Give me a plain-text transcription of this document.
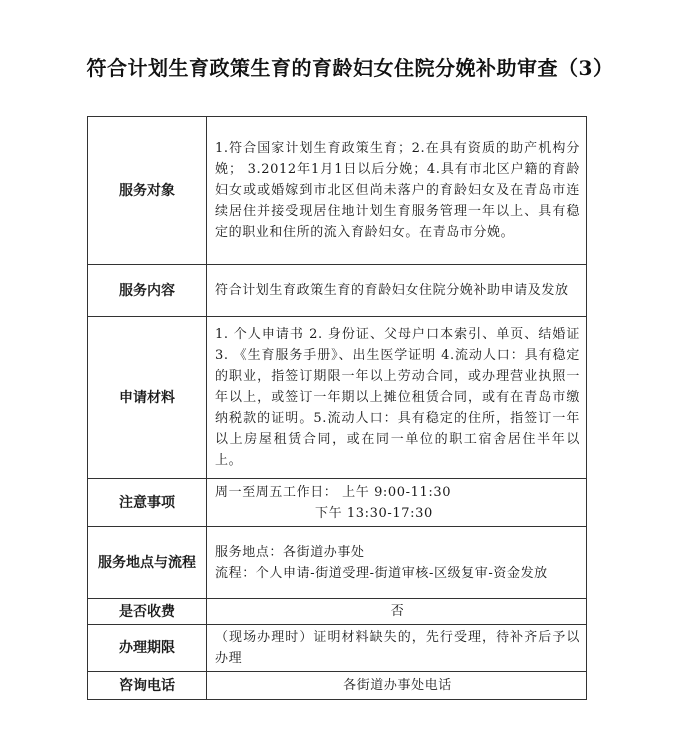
符合计划生育政策生育的育龄妇女住院分娩补助审查（3）
服务对象	1.符合国家计划生育政策生育；2.在具有资质的助产机构分娩； 3.2012年1月1日以后分娩；4.具有市北区户籍的育龄妇女或或婚嫁到市北区但尚未落户的育龄妇女及在青岛市连续居住并接受现居住地计划生育服务管理一年以上、具有稳定的职业和住所的流入育龄妇女。在青岛市分娩。
服务内容	符合计划生育政策生育的育龄妇女住院分娩补助申请及发放
申请材料	1. 个人申请书 2. 身份证、父母户口本索引、单页、结婚证 3. 《生育服务手册》、出生医学证明 4.流动人口：具有稳定的职业，指签订期限一年以上劳动合同，或办理营业执照一年以上，或签订一年期以上摊位租赁合同，或有在青岛市缴纳税款的证明。5.流动人口：具有稳定的住所，指签订一年以上房屋租赁合同，或在同一单位的职工宿舍居住半年以上。
注意事项	周一至周五工作日： 上午 9:00-11:30
下午 13:30-17:30

服务地点与流程	服务地点：各街道办事处
流程：个人申请-街道受理-街道审核-区级复审-资金发放

是否收费	否
办理期限	（现场办理时）证明材料缺失的，先行受理，待补齐后予以办理
咨询电话	各街道办事处电话
